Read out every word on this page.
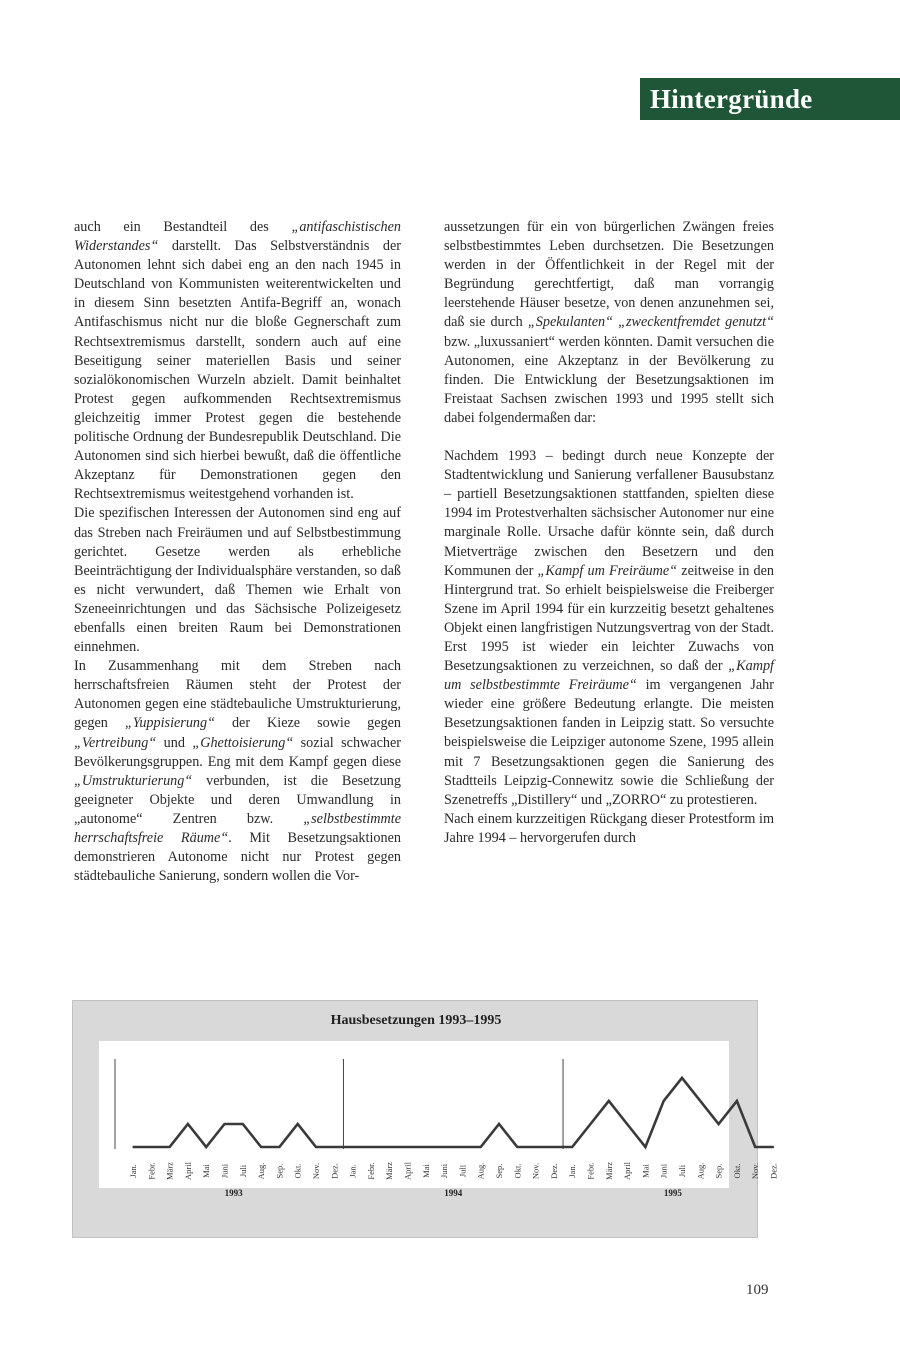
Hintergründe

auch ein Bestandteil des „antifaschistischen Widerstandes“ darstellt. Das Selbstverständnis der Autonomen lehnt sich dabei eng an den nach 1945 in Deutschland von Kommunisten weiterentwickelten und in diesem Sinn besetzten Antifa-Begriff an, wonach Antifaschismus nicht nur die bloße Gegnerschaft zum Rechtsextremismus darstellt, sondern auch auf eine Beseitigung seiner materiellen Basis und seiner sozialökonomischen Wurzeln abzielt. Damit beinhaltet Protest gegen aufkommenden Rechtsextremismus gleichzeitig immer Protest gegen die bestehende politische Ordnung der Bundesrepublik Deutschland. Die Autonomen sind sich hierbei bewußt, daß die öffentliche Akzeptanz für Demonstrationen gegen den Rechtsextremismus weitestgehend vorhanden ist.

Die spezifischen Interessen der Autonomen sind eng auf das Streben nach Freiräumen und auf Selbstbestimmung gerichtet. Gesetze werden als erhebliche Beeinträchtigung der Individualsphäre verstanden, so daß es nicht verwundert, daß Themen wie Erhalt von Szeneeinrichtungen und das Sächsische Polizeigesetz ebenfalls einen breiten Raum bei Demonstrationen einnehmen.

In Zusammenhang mit dem Streben nach herrschaftsfreien Räumen steht der Protest der Autonomen gegen eine städtebauliche Umstrukturierung, gegen „Yuppisierung“ der Kieze sowie gegen „Vertreibung“ und „Ghettoisierung“ sozial schwacher Bevölkerungsgruppen. Eng mit dem Kampf gegen diese „Umstrukturierung“ verbunden, ist die Besetzung geeigneter Objekte und deren Umwandlung in „autonome“ Zentren bzw. „selbstbestimmte herrschaftsfreie Räume“. Mit Besetzungsaktionen demonstrieren Autonome nicht nur Protest gegen städtebauliche Sanierung, sondern wollen die Vor-

aussetzungen für ein von bürgerlichen Zwängen freies selbstbestimmtes Leben durchsetzen. Die Besetzungen werden in der Öffentlichkeit in der Regel mit der Begründung gerechtfertigt, daß man vorrangig leerstehende Häuser besetze, von denen anzunehmen sei, daß sie durch „Spekulanten“ „zweckentfremdet genutzt“ bzw. „luxussaniert“ werden könnten. Damit versuchen die Autonomen, eine Akzeptanz in der Bevölkerung zu finden. Die Entwicklung der Besetzungsaktionen im Freistaat Sachsen zwischen 1993 und 1995 stellt sich dabei folgendermaßen dar:

Nachdem 1993 – bedingt durch neue Konzepte der Stadtentwicklung und Sanierung verfallener Bausubstanz – partiell Besetzungsaktionen stattfanden, spielten diese 1994 im Protestverhalten sächsischer Autonomer nur eine marginale Rolle. Ursache dafür könnte sein, daß durch Mietverträge zwischen den Besetzern und den Kommunen der „Kampf um Freiräume“ zeitweise in den Hintergrund trat. So erhielt beispielsweise die Freiberger Szene im April 1994 für ein kurzzeitig besetzt gehaltenes Objekt einen langfristigen Nutzungsvertrag von der Stadt. Erst 1995 ist wieder ein leichter Zuwachs von Besetzungsaktionen zu verzeichnen, so daß der „Kampf um selbstbestimmte Freiräume“ im vergangenen Jahr wieder eine größere Bedeutung erlangte. Die meisten Besetzungsaktionen fanden in Leipzig statt. So versuchte beispielsweise die Leipziger autonome Szene, 1995 allein mit 7 Besetzungsaktionen gegen die Sanierung des Stadtteils Leipzig-Connewitz sowie die Schließung der Szenetreffs „Distillery“ und „ZORRO“ zu protestieren.

Nach einem kurzzeitigen Rückgang dieser Protestform im Jahre 1994 – hervorgerufen durch

Hausbesetzungen 1993–1995
Jan. Febr. März April Mai Juni Juli Aug. Sep. Okt. Nov. Dez. Jan. Febr. März April Mai Juni Juli Aug. Sep. Okt. Nov. Dez. Jan. Febr. März April Mai Juni Juli Aug. Sep. Okt. Nov. Dez.
1993	1994	1995
109
